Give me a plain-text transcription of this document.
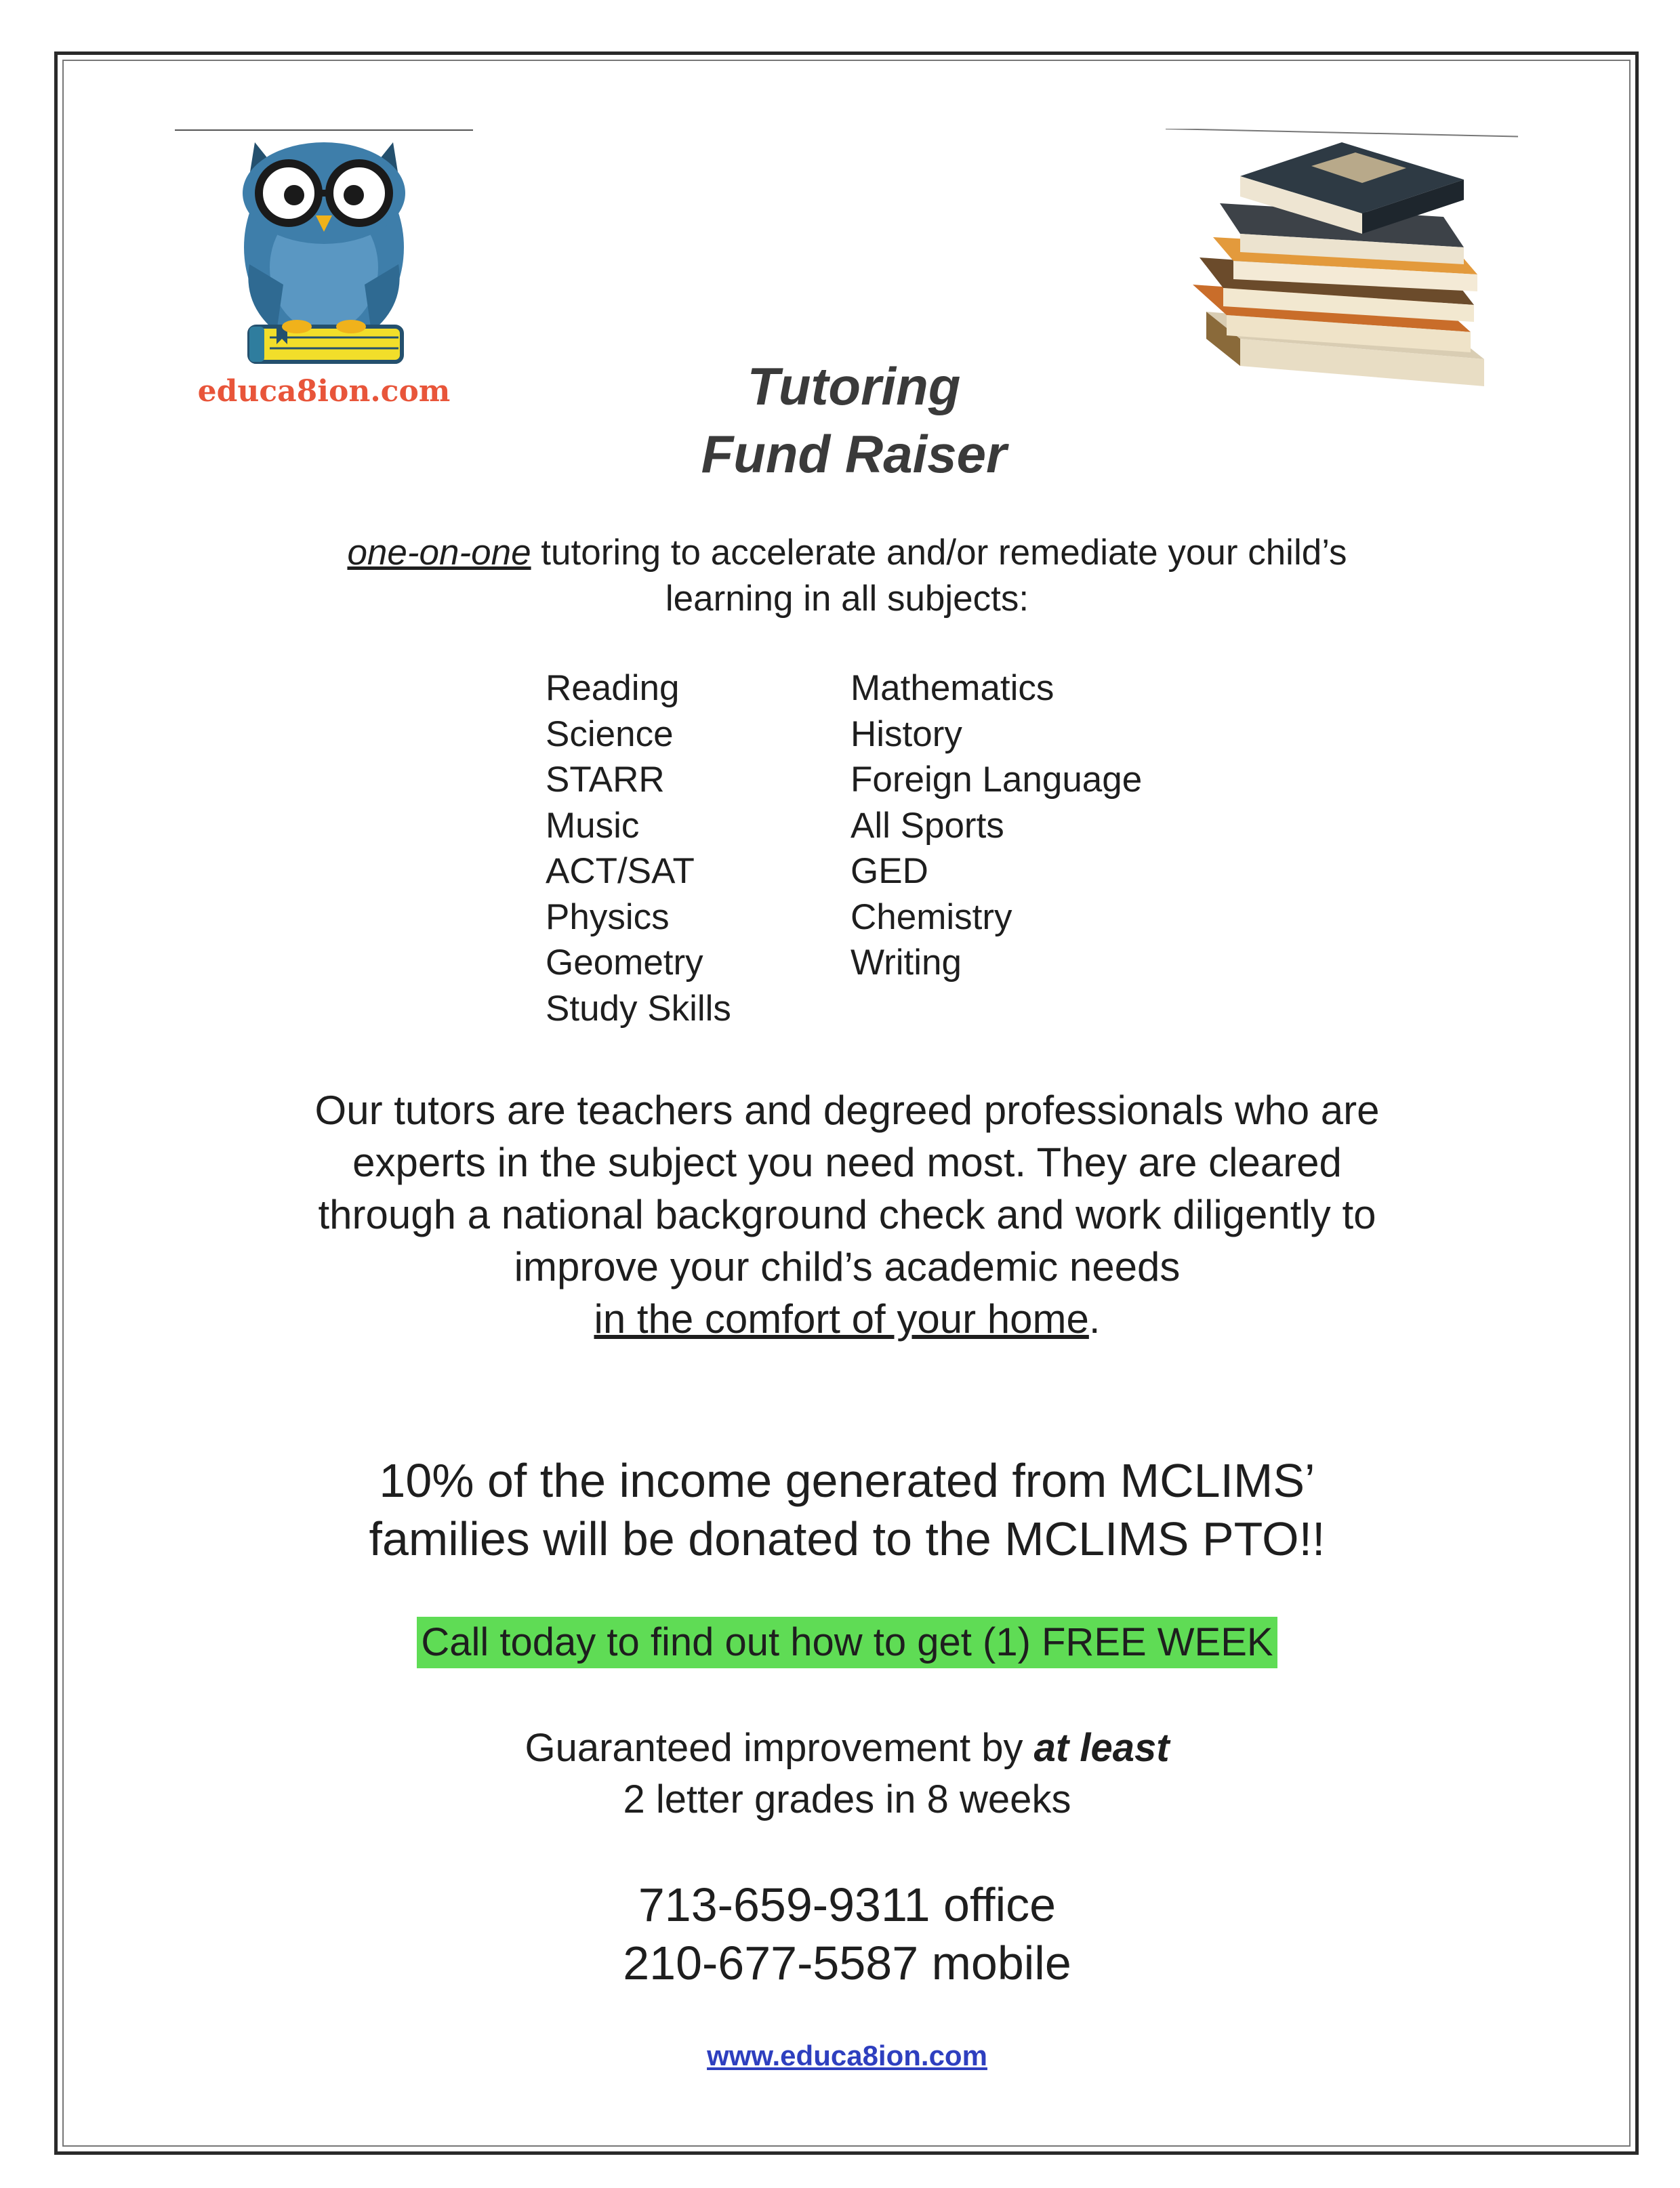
educa8ion.com	Tutoring
Fund Raiser
one-on-one tutoring to accelerate and/or remediate your child’s
learning in all subjects:
Reading
Science
STARR
Music
ACT/SAT
Physics
Geometry
Study Skills
Mathematics
History
Foreign Language
All Sports
GED
Chemistry
Writing
Our tutors are teachers and degreed professionals who are
experts in the subject you need most. They are cleared
through a national background check and work diligently to
improve your child’s academic needs
in the comfort of your home.
10% of the income generated from MCLIMS’
families will be donated to the MCLIMS PTO!!
Call today to find out how to get (1) FREE WEEK
Guaranteed improvement by at least
2 letter grades in 8 weeks
713-659-9311 office
210-677-5587 mobile
www.educa8ion.com
